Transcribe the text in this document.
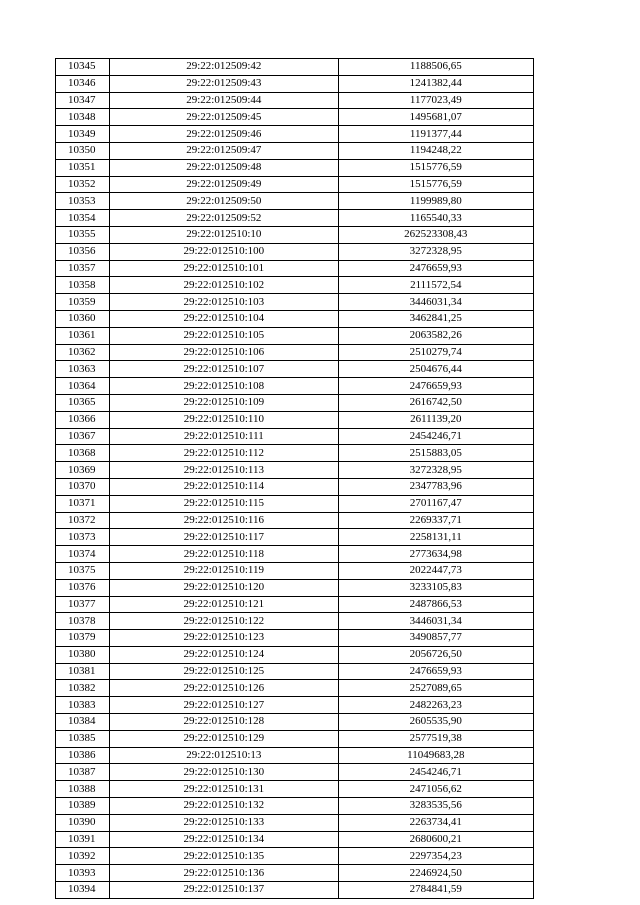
10345	29:22:012509:42	1188506,65
10346	29:22:012509:43	1241382,44
10347	29:22:012509:44	1177023,49
10348	29:22:012509:45	1495681,07
10349	29:22:012509:46	1191377,44
10350	29:22:012509:47	1194248,22
10351	29:22:012509:48	1515776,59
10352	29:22:012509:49	1515776,59
10353	29:22:012509:50	1199989,80
10354	29:22:012509:52	1165540,33
10355	29:22:012510:10	262523308,43
10356	29:22:012510:100	3272328,95
10357	29:22:012510:101	2476659,93
10358	29:22:012510:102	2111572,54
10359	29:22:012510:103	3446031,34
10360	29:22:012510:104	3462841,25
10361	29:22:012510:105	2063582,26
10362	29:22:012510:106	2510279,74
10363	29:22:012510:107	2504676,44
10364	29:22:012510:108	2476659,93
10365	29:22:012510:109	2616742,50
10366	29:22:012510:110	2611139,20
10367	29:22:012510:111	2454246,71
10368	29:22:012510:112	2515883,05
10369	29:22:012510:113	3272328,95
10370	29:22:012510:114	2347783,96
10371	29:22:012510:115	2701167,47
10372	29:22:012510:116	2269337,71
10373	29:22:012510:117	2258131,11
10374	29:22:012510:118	2773634,98
10375	29:22:012510:119	2022447,73
10376	29:22:012510:120	3233105,83
10377	29:22:012510:121	2487866,53
10378	29:22:012510:122	3446031,34
10379	29:22:012510:123	3490857,77
10380	29:22:012510:124	2056726,50
10381	29:22:012510:125	2476659,93
10382	29:22:012510:126	2527089,65
10383	29:22:012510:127	2482263,23
10384	29:22:012510:128	2605535,90
10385	29:22:012510:129	2577519,38
10386	29:22:012510:13	11049683,28
10387	29:22:012510:130	2454246,71
10388	29:22:012510:131	2471056,62
10389	29:22:012510:132	3283535,56
10390	29:22:012510:133	2263734,41
10391	29:22:012510:134	2680600,21
10392	29:22:012510:135	2297354,23
10393	29:22:012510:136	2246924,50
10394	29:22:012510:137	2784841,59
